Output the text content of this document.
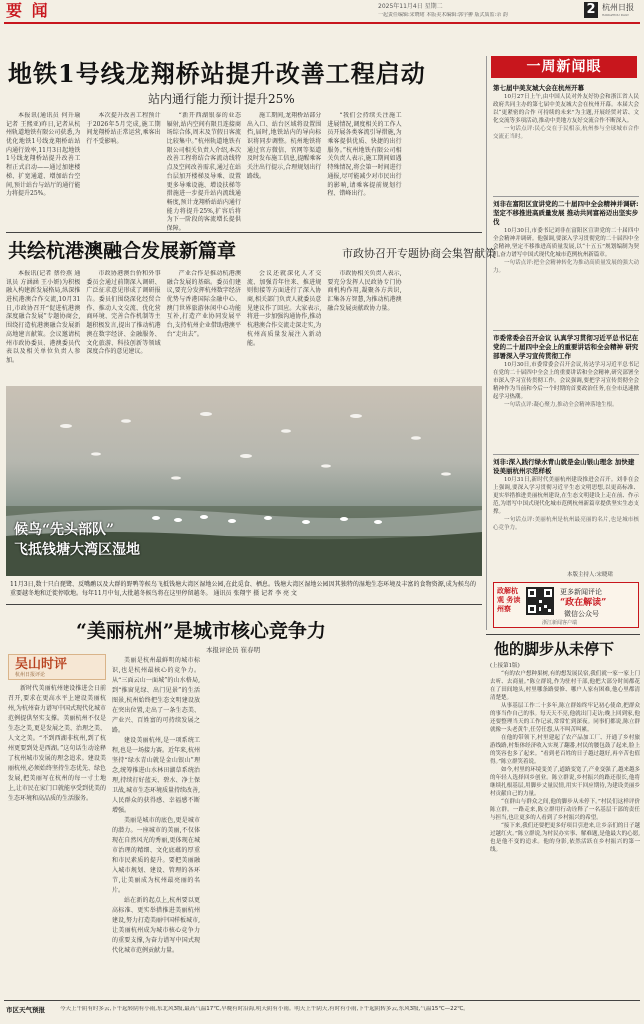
要 闻	2025年11月4日 星期二
一起责任编辑:宋晓珺 本版美术编辑:郭宇翀 版式质监:余 韵	2 杭州日报
HANGZHOU DAILY
地铁1号线龙翔桥站提升改善工程启动
站内通行能力预计提升25%

本报讯(通讯员 何升瑜 记者 王熙亚)昨日,记者从杭州轨道地铁有限公司获悉,为优化地铁1号线龙翔桥站站内通行效率,11月3日起地铁1号线龙翔桥站提升改善工程正式启动——通过加建楼梯、扩宽通道、增加站台空间,预计站台与站厅的通行能力将提升25%。

本次提升改善工程预计于2026年5月完成,施工期间龙翔桥站正常运营,乘客出行不受影响。

“新开西湖银泰的业态辐射,站内空间有限且连接商场综合体,周末及节假日客流比较集中。”杭州轨道地铁有限公司相关负责人介绍,本次改善工程将结合客流动线特点及空间改善需求,通过在站台层加开楼梯及导乘、设置更多导乘设施、增设扶梯等措施进一步提升站内流线通畅度,预计龙翔桥站站内通行能力将提升25%,扩容后将为下一阶段的客流增长提供保障。

施工期间,龙翔桥站部分出入口、站台区域将设置围挡,届时,地铁站内的导向标识将同步调整。杭州地铁将通过官方微信、官网等渠道及时发布施工信息,提醒乘客关注出行提示,合理规划出行路线。

“我们会持续关注施工进展情况,调度相关的工作人员开展各类客流引导措施,为乘客提供优质、快捷的出行服务。”杭州地铁有限公司相关负责人表示,施工期间如遇特殊情况,将会第一时间进行通报,尽可能减少对市民出行的影响,请乘客提前规划行程、错峰出行。

共绘杭港澳融合发展新篇章	市政协召开专题协商会集智献策

本报讯(记者 蔡伶燕 通讯员 方涵涵 王小妍)为积极融入构建新发展格局,纵深推进杭港澳合作交流,10月31日,市政协召开“促进杭港澳深度融合发展”专题协商会,围绕打造杭港澳融合发展新高地建言献策。会议邀请杭州市政协委员、港澳委员代表以及相关单位负责人参加。

市政协港澳台侨和外事委员会通过前期深入调研、广泛征求意见形成了调研报告。委员们围绕深化经贸合作、推动人文交流、优化营商环境、完善合作机制等主题积极发言,提出了推动杭港澳在数字经济、金融服务、文化旅游、科技创新等领域深度合作的意见建议。

产业合作是推动杭港澳融合发展的基础。委员们建议,要充分发挥杭州数字经济优势与香港国际金融中心、澳门世界旅游休闲中心功能互补,打造产业协同发展平台,支持杭州企业借助港澳平台“走出去”。

会议还就深化人才交流、加强青年往来、推进规则衔接等方面进行了深入协商,相关部门负责人就委员意见建议作了回应。大家表示,将进一步加强沟通协作,推动杭港澳合作交流走深走实,为杭州高质量发展注入新动能。

市政协相关负责人表示,要充分发挥人民政协专门协商机构作用,凝聚各方共识,汇集各方智慧,为推动杭港澳融合发展贡献政协力量。

候鸟“先头部队”
飞抵钱塘大湾区湿地
11月3日,数十只白琵鹭、反嘴鹬以及大群的野鸭等候鸟飞抵钱塘大湾区湿地公园,在此觅食、栖息。钱塘大湾区湿地公园因其独特的湿地生态环境及丰富的食物资源,成为候鸟的重要越冬地和迁徙停歇地。每年11月中旬,大批越冬候鸟将在这里停留越冬。 通讯员 张翔宇 摄 记者 李 亮 文
“美丽杭州”是城市核心竞争力
本报评论员 崔春明
吴山时评
杭州日报评论
新时代美丽杭州建设推进会日前召开,要求在更高水平上建设美丽杭州,为杭州奋力谱写中国式现代化城市范例提供坚实支撑。美丽杭州不仅是生态之美,更是发展之美、治理之美、人文之美。“不到西湖非杭州,到了杭州更要到处是西湖。”这句话生动诠释了杭州城市发展的理念追求。建设美丽杭州,必须始终坚持生态优先、绿色发展,把美丽写在杭州的每一寸土地上,让市民在家门口就能享受到优美的生态环境和高品质的生活服务。

美丽是杭州最鲜明的城市标识,也是杭州最核心的竞争力。从“三面云山一面城”的山水格局,到“推窗见绿、出门见景”的生活图景,杭州始终把生态文明建设放在突出位置,走出了一条生态美、产业兴、百姓富的可持续发展之路。

建设美丽杭州,是一项系统工程,也是一场接力赛。近年来,杭州坚持“绿水青山就是金山银山”理念,统筹推进山水林田湖草系统治理,持续打好蓝天、碧水、净土保卫战,城市生态环境质量持续改善,人民群众的获得感、幸福感不断增强。

美丽是城市的底色,更是城市的潜力。一座城市的美丽,不仅体现在自然风光的秀丽,更体现在城市治理的精细、文化底蕴的厚重和市民素质的提升。要把美丽融入城市规划、建设、管理的各环节,让美丽成为杭州最亮丽的名片。

站在新的起点上,杭州要以更高标准、更实举措推进美丽杭州建设,努力打造美丽中国样板城市,让美丽杭州成为城市核心竞争力的重要支撑,为奋力谱写中国式现代化城市范例贡献力量。

一周新闻眼
第七届中美友城大会在杭州开幕
10月27日上午,由中国人民对外友好协会和浙江省人民政府共同主办的第七届中美友城大会在杭州开幕。本届大会以“更紧密的合作 可持续的未来”为主题,开展经贸对话、文化交流等多项活动,推动中美地方友好交流合作不断深入。
一句话点评:民心交在于民相亲,杭州参与全球城市合作交流正当时。
刘非在富阳区宣讲党的二十届四中全会精神并调研:坚定不移推进高质量发展 推动共同富裕迈出坚实步伐
10月30日,市委书记刘非在富阳区宣讲党的二十届四中全会精神并调研。他强调,要深入学习贯彻党的二十届四中全会精神,坚定不移推进高质量发展,以“十五五”规划编制为契机,奋力谱写中国式现代化城市范例杭州新篇章。
一句话点评:把全会精神转化为推动高质量发展的强大动力。
市委常委会召开会议 认真学习贯彻习近平总书记在党的二十届四中全会上的重要讲话和全会精神 研究部署深入学习宣传贯彻工作
10月30日,市委常委会召开会议,传达学习习近平总书记在党的二十届四中全会上的重要讲话和全会精神,研究部署全市深入学习宣传贯彻工作。会议强调,要把学习宣传贯彻全会精神作为当前和今后一个时期的首要政治任务,在全市迅速掀起学习热潮。
一句话点评:凝心聚力,推动全会精神落地生根。
刘非:深入践行绿水青山就是金山银山理念 加快建设美丽杭州示范样板
10月31日,新时代美丽杭州建设推进会召开。刘非在会上强调,要深入学习贯彻习近平生态文明思想,以更高标准、更实举措推进美丽杭州建设,在生态文明建设上走在前、作示范,为谱写中国式现代化城市范例杭州新篇章提供坚实生态支撑。
一句话点评:美丽杭州是杭州最亮丽的名片,也是城市核心竞争力。
本版主持人:宋晓珺
政解杭观 务读州察
更多新闻评论
“政在解读”
微信公众号
浙江新闻客户端
他的脚步从未停下

(上接第1版)

“有的农户想种果树,有的想发展民宿,我们就一家一家上门去听、去商量。”陈立群说,作为驻村干部,他把大部分时间都花在了田间地头,村里哪条路要修、哪户人家有困难,他心里都清清楚楚。

从事基层工作二十多年,陈立群始终牢记初心使命,把群众的事当作自己的事。每天天不亮,他就出门走访;晚上回到家,他还要整理当天的工作记录,常常忙到深夜。同事们都说,陈立群就像一头老黄牛,任劳任怨,从不叫苦叫累。

在他的带领下,村里建起了农产品加工厂、开通了乡村旅游线路,村集体经济收入实现了翻番,村民的腰包鼓了起来,脸上的笑容也多了起来。“看到老百姓的日子越过越好,再辛苦也值得。”陈立群笑着说。

如今,村里的环境变美了,道路变宽了,产业变强了,越来越多的年轻人选择回乡创业。陈立群说,乡村振兴的路还很长,他将继续扎根基层,用脚步丈量民情,用实干回应期待,为建设美丽乡村贡献自己的力量。

“在群山与群众之间,他的脚步从未停下。”村民们这样评价陈立群。一路走来,陈立群用行动诠释了一名基层干部的责任与担当,也让更多的人看到了乡村振兴的希望。

“接下来,我们还要把更多好项目引进来,让乡亲们的日子越过越红火。”陈立群说,为村民办实事、解难题,是他最大的心愿,也是他不变的追求。他的身影,依然活跃在乡村振兴的第一线。

市区天气预报	今天上午阴有时多云,下午起转阴有小雨,东北风3级,最高气温17℃,早晚有时沿海,明天阴有小雨。明天上午阴天,有时有小雨,下午起阴转多云,东风3级,气温15℃—22℃。
